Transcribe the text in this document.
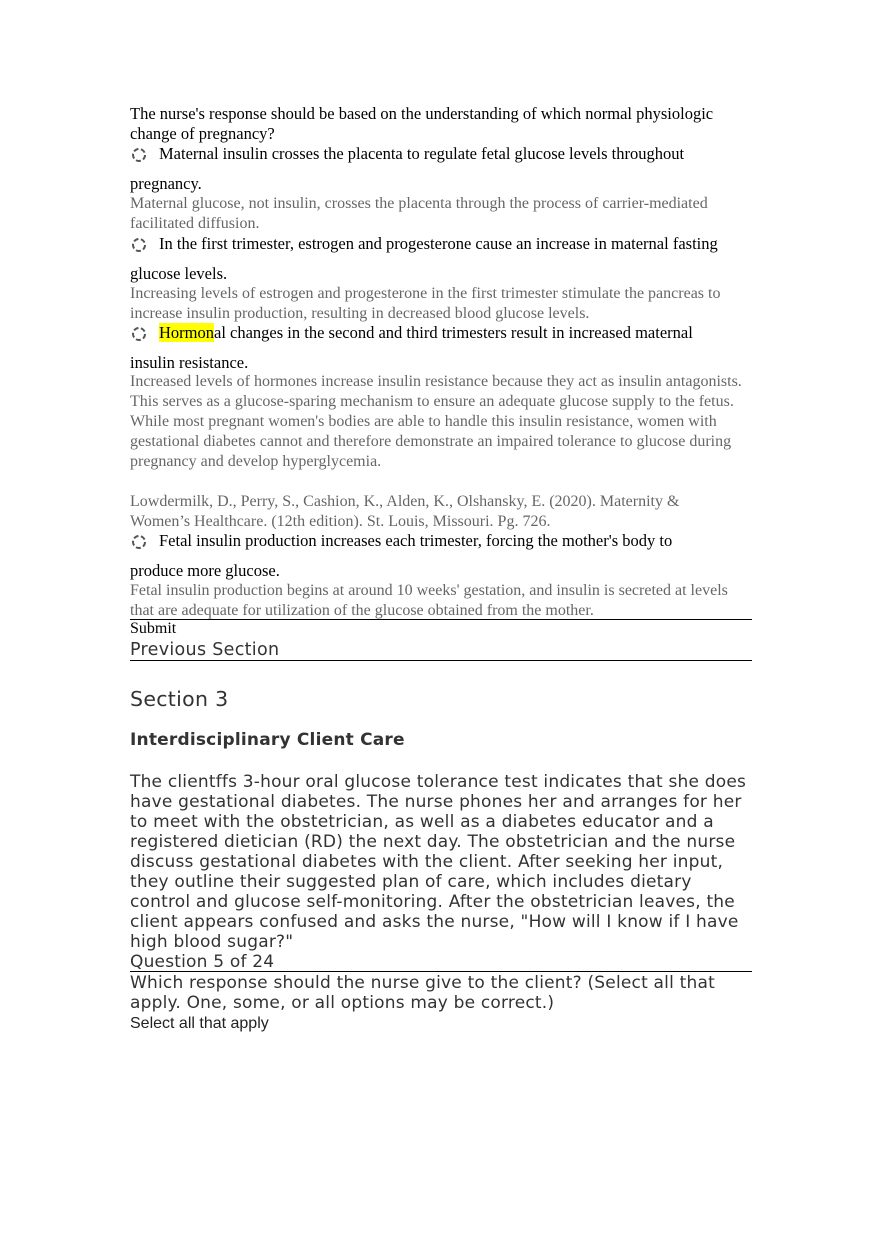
The nurse's response should be based on the understanding of which normal physiologic change of pregnancy?
Maternal insulin crosses the placenta to regulate fetal glucose levels throughout
pregnancy.
Maternal glucose, not insulin, crosses the placenta through the process of carrier-mediated facilitated diffusion.
In the first trimester, estrogen and progesterone cause an increase in maternal fasting
glucose levels.
Increasing levels of estrogen and progesterone in the first trimester stimulate the pancreas to increase insulin production, resulting in decreased blood glucose levels.
Hormonal changes in the second and third trimesters result in increased maternal
insulin resistance.
Increased levels of hormones increase insulin resistance because they act as insulin antagonists. This serves as a glucose-sparing mechanism to ensure an adequate glucose supply to the fetus. While most pregnant women's bodies are able to handle this insulin resistance, women with gestational diabetes cannot and therefore demonstrate an impaired tolerance to glucose during pregnancy and develop hyperglycemia.
Lowdermilk, D., Perry, S., Cashion, K., Alden, K., Olshansky, E. (2020). Maternity & Women’s Healthcare. (12th edition). St. Louis, Missouri. Pg. 726.
Fetal insulin production increases each trimester, forcing the mother's body to
produce more glucose.
Fetal insulin production begins at around 10 weeks' gestation, and insulin is secreted at levels that are adequate for utilization of the glucose obtained from the mother.
Submit
Previous Section
Section 3
Interdisciplinary Client Care
The clientffs 3-hour oral glucose tolerance test indicates that she does have gestational diabetes. The nurse phones her and arranges for her to meet with the obstetrician, as well as a diabetes educator and a registered dietician (RD) the next day. The obstetrician and the nurse discuss gestational diabetes with the client. After seeking her input, they outline their suggested plan of care, which includes dietary control and glucose self-monitoring. After the obstetrician leaves, the client appears confused and asks the nurse, "How will I know if I have high blood sugar?"
Question 5 of 24
Which response should the nurse give to the client? (Select all that apply. One, some, or all options may be correct.)
Select all that apply
